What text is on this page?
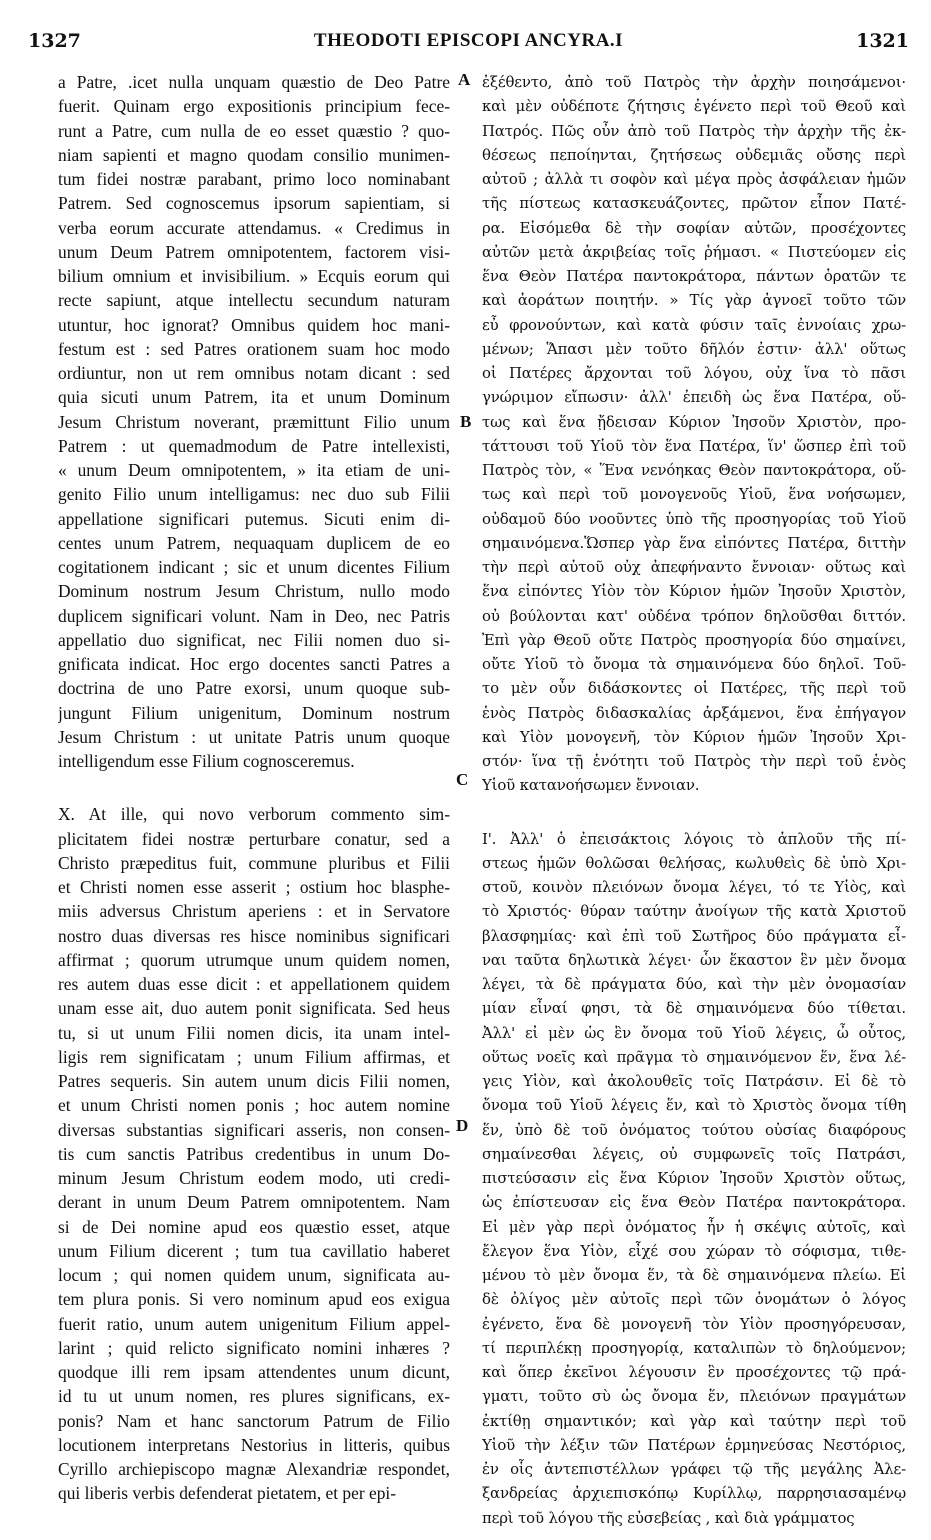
1327	THEODOTI EPISCOPI ANCYRA.I	1321
a Patre, .icet nulla unquam quæstio de Deo Patre
fuerit. Quinam ergo expositionis principium fece-
runt a Patre, cum nulla de eo esset quæstio ? quo-
niam sapienti et magno quodam consilio munimen-
tum fidei nostræ parabant, primo loco nominabant
Patrem. Sed cognoscemus ipsorum sapientiam, si
verba eorum accurate attendamus. « Credimus in
unum Deum Patrem omnipotentem, factorem visi-
bilium omnium et invisibilium. » Ecquis eorum qui
recte sapiunt, atque intellectu secundum naturam
utuntur, hoc ignorat? Omnibus quidem hoc mani-
festum est : sed Patres orationem suam hoc modo
ordiuntur, non ut rem omnibus notam dicant : sed
quia sicuti unum Patrem, ita et unum Dominum
Jesum Christum noverant, præmittunt Filio unum
Patrem : ut quemadmodum de Patre intellexisti,
« unum Deum omnipotentem, » ita etiam de uni-
genito Filio unum intelligamus: nec duo sub Filii
appellatione significari putemus. Sicuti enim di-
centes unum Patrem, nequaquam duplicem de eo
cogitationem indicant ; sic et unum dicentes Filium
Dominum nostrum Jesum Christum, nullo modo
duplicem significari volunt. Nam in Deo, nec Patris
appellatio duo significat, nec Filii nomen duo si-
gnificata indicat. Hoc ergo docentes sancti Patres a
doctrina de uno Patre exorsi, unum quoque sub-
jungunt Filium unigenitum, Dominum nostrum
Jesum Christum : ut unitate Patris unum quoque
intelligendum esse Filium cognosceremus.
X. At ille, qui novo verborum commento sim-
plicitatem fidei nostræ perturbare conatur, sed a
Christo præpeditus fuit, commune pluribus et Filii
et Christi nomen esse asserit ; ostium hoc blasphe-
miis adversus Christum aperiens : et in Servatore
nostro duas diversas res hisce nominibus significari
affirmat ; quorum utrumque unum quidem nomen,
res autem duas esse dicit : et appellationem quidem
unam esse ait, duo autem ponit significata. Sed heus
tu, si ut unum Filii nomen dicis, ita unam intel-
ligis rem significatam ; unum Filium affirmas, et
Patres sequeris. Sin autem unum dicis Filii nomen,
et unum Christi nomen ponis ; hoc autem nomine
diversas substantias significari asseris, non consen-
tis cum sanctis Patribus credentibus in unum Do-
minum Jesum Christum eodem modo, uti credi-
derant in unum Deum Patrem omnipotentem. Nam
si de Dei nomine apud eos quæstio esset, atque
unum Filium dicerent ; tum tua cavillatio haberet
locum ; qui nomen quidem unum, significata au-
tem plura ponis. Si vero nominum apud eos exigua
fuerit ratio, unum autem unigenitum Filium appel-
larint ; quid relicto significato nomini inhæres ?
quodque illi rem ipsam attendentes unum dicunt,
id tu ut unum nomen, res plures significans, ex-
ponis? Nam et hanc sanctorum Patrum de Filio
locutionem interpretans Nestorius in litteris, quibus
Cyrillo archiepiscopo magnæ Alexandriæ respondet,
qui liberis verbis defenderat pietatem, et per epi-
A
B
C
D
ἐξέθεντο, ἀπὸ τοῦ Πατρὸς τὴν ἀρχὴν ποιησάμενοι·
καὶ μὲν οὐδέποτε ζήτησις ἐγένετο περὶ τοῦ Θεοῦ καὶ
Πατρός. Πῶς οὖν ἀπὸ τοῦ Πατρὸς τὴν ἀρχὴν τῆς ἐκ-
θέσεως πεποίηνται, ζητήσεως οὐδεμιᾶς οὔσης περὶ
αὐτοῦ ; ἀλλὰ τι σοφὸν καὶ μέγα πρὸς ἀσφάλειαν ἡμῶν
τῆς πίστεως κατασκευάζοντες, πρῶτον εἶπον Πατέ-
ρα. Εἰσόμεθα δὲ τὴν σοφίαν αὐτῶν, προσέχοντες
αὐτῶν μετὰ ἀκριβείας τοῖς ῥήμασι. « Πιστεύομεν εἰς
ἕνα Θεὸν Πατέρα παντοκράτορα, πάντων ὁρατῶν τε
καὶ ἀοράτων ποιητήν. » Τίς γὰρ ἀγνοεῖ τοῦτο τῶν
εὖ φρονούντων, καὶ κατὰ φύσιν ταῖς ἐννοίαις χρω-
μένων; Ἅπασι μὲν τοῦτο δῆλόν ἐστιν· ἀλλ' οὕτως
οἱ Πατέρες ἄρχονται τοῦ λόγου, οὐχ ἵνα τὸ πᾶσι
γνώριμον εἴπωσιν· ἀλλ' ἐπειδὴ ὡς ἕνα Πατέρα, οὕ-
τως καὶ ἕνα ᾔδεισαν Κύριον Ἰησοῦν Χριστὸν, προ-
τάττουσι τοῦ Υἱοῦ τὸν ἕνα Πατέρα, ἵν' ὥσπερ ἐπὶ τοῦ
Πατρὸς τὸν, « Ἕνα νενόηκας Θεὸν παντοκράτορα, οὕ-
τως καὶ περὶ τοῦ μονογενοῦς Υἱοῦ, ἕνα νοήσωμεν,
οὐδαμοῦ δύο νοοῦντες ὑπὸ τῆς προσηγορίας τοῦ Υἱοῦ
σημαινόμενα.Ὥσπερ γὰρ ἕνα εἰπόντες Πατέρα, διττὴν
τὴν περὶ αὐτοῦ οὐχ ἀπεφήναντο ἔννοιαν· οὕτως καὶ
ἕνα εἰπόντες Υἱὸν τὸν Κύριον ἡμῶν Ἰησοῦν Χριστὸν,
οὐ βούλονται κατ' οὐδένα τρόπον δηλοῦσθαι διττόν.
Ἐπὶ γὰρ Θεοῦ οὔτε Πατρὸς προσηγορία δύο σημαίνει,
οὔτε Υἱοῦ τὸ ὄνομα τὰ σημαινόμενα δύο δηλοῖ. Τοῦ-
το μὲν οὖν διδάσκοντες οἱ Πατέρες, τῆς περὶ τοῦ
ἑνὸς Πατρὸς διδασκαλίας ἀρξάμενοι, ἕνα ἐπήγαγον
καὶ Υἱὸν μονογενῆ, τὸν Κύριον ἡμῶν Ἰησοῦν Χρι-
στόν· ἵνα τῇ ἑνότητι τοῦ Πατρὸς τὴν περὶ τοῦ ἑνὸς
Υἱοῦ κατανοήσωμεν ἔννοιαν.
Ι'. Ἀλλ' ὁ ἐπεισάκτοις λόγοις τὸ ἁπλοῦν τῆς πί-
στεως ἡμῶν θολῶσαι θελήσας, κωλυθεὶς δὲ ὑπὸ Χρι-
στοῦ, κοινὸν πλειόνων ὄνομα λέγει, τό τε Υἱὸς, καὶ
τὸ Χριστός· θύραν ταύτην ἀνοίγων τῆς κατὰ Χριστοῦ
βλασφημίας· καὶ ἐπὶ τοῦ Σωτῆρος δύο πράγματα εἶ-
ναι ταῦτα δηλωτικὰ λέγει· ὧν ἕκαστον ἓν μὲν ὄνομα
λέγει, τὰ δὲ πράγματα δύο, καὶ τὴν μὲν ὀνομασίαν
μίαν εἶναί φησι, τὰ δὲ σημαινόμενα δύο τίθεται.
Ἀλλ' εἰ μὲν ὡς ἓν ὄνομα τοῦ Υἱοῦ λέγεις, ὦ οὗτος,
οὕτως νοεῖς καὶ πρᾶγμα τὸ σημαινόμενον ἕν, ἕνα λέ-
γεις Υἱὸν, καὶ ἀκολουθεῖς τοῖς Πατράσιν. Εἰ δὲ τὸ
ὄνομα τοῦ Υἱοῦ λέγεις ἕν, καὶ τὸ Χριστὸς ὄνομα τίθη
ἕν, ὑπὸ δὲ τοῦ ὀνόματος τούτου οὐσίας διαφόρους
σημαίνεσθαι λέγεις, οὐ συμφωνεῖς τοῖς Πατράσι,
πιστεύσασιν εἰς ἕνα Κύριον Ἰησοῦν Χριστὸν οὕτως,
ὡς ἐπίστευσαν εἰς ἕνα Θεὸν Πατέρα παντοκράτορα.
Εἰ μὲν γὰρ περὶ ὀνόματος ἦν ἡ σκέψις αὐτοῖς, καὶ
ἔλεγον ἕνα Υἱὸν, εἶχέ σου χώραν τὸ σόφισμα, τιθε-
μένου τὸ μὲν ὄνομα ἕν, τὰ δὲ σημαινόμενα πλείω. Εἰ
δὲ ὀλίγος μὲν αὐτοῖς περὶ τῶν ὀνομάτων ὁ λόγος
ἐγένετο, ἕνα δὲ μονογενῆ τὸν Υἱὸν προσηγόρευσαν,
τί περιπλέκῃ προσηγορίᾳ, καταλιπὼν τὸ δηλούμενον;
καὶ ὅπερ ἐκεῖνοι λέγουσιν ἓν προσέχοντες τῷ πρά-
γματι, τοῦτο σὺ ὡς ὄνομα ἕν, πλειόνων πραγμάτων
ἐκτίθῃ σημαντικόν; καὶ γὰρ καὶ ταύτην περὶ τοῦ
Υἱοῦ τὴν λέξιν τῶν Πατέρων ἑρμηνεύσας Νεστόριος,
ἐν οἷς ἀντεπιστέλλων γράφει τῷ τῆς μεγάλης Ἀλε-
ξανδρείας ἀρχιεπισκόπῳ Κυρίλλῳ, παρρησιασαμένῳ
περὶ τοῦ λόγου τῆς εὐσεβείας , καὶ διὰ γράμματος
